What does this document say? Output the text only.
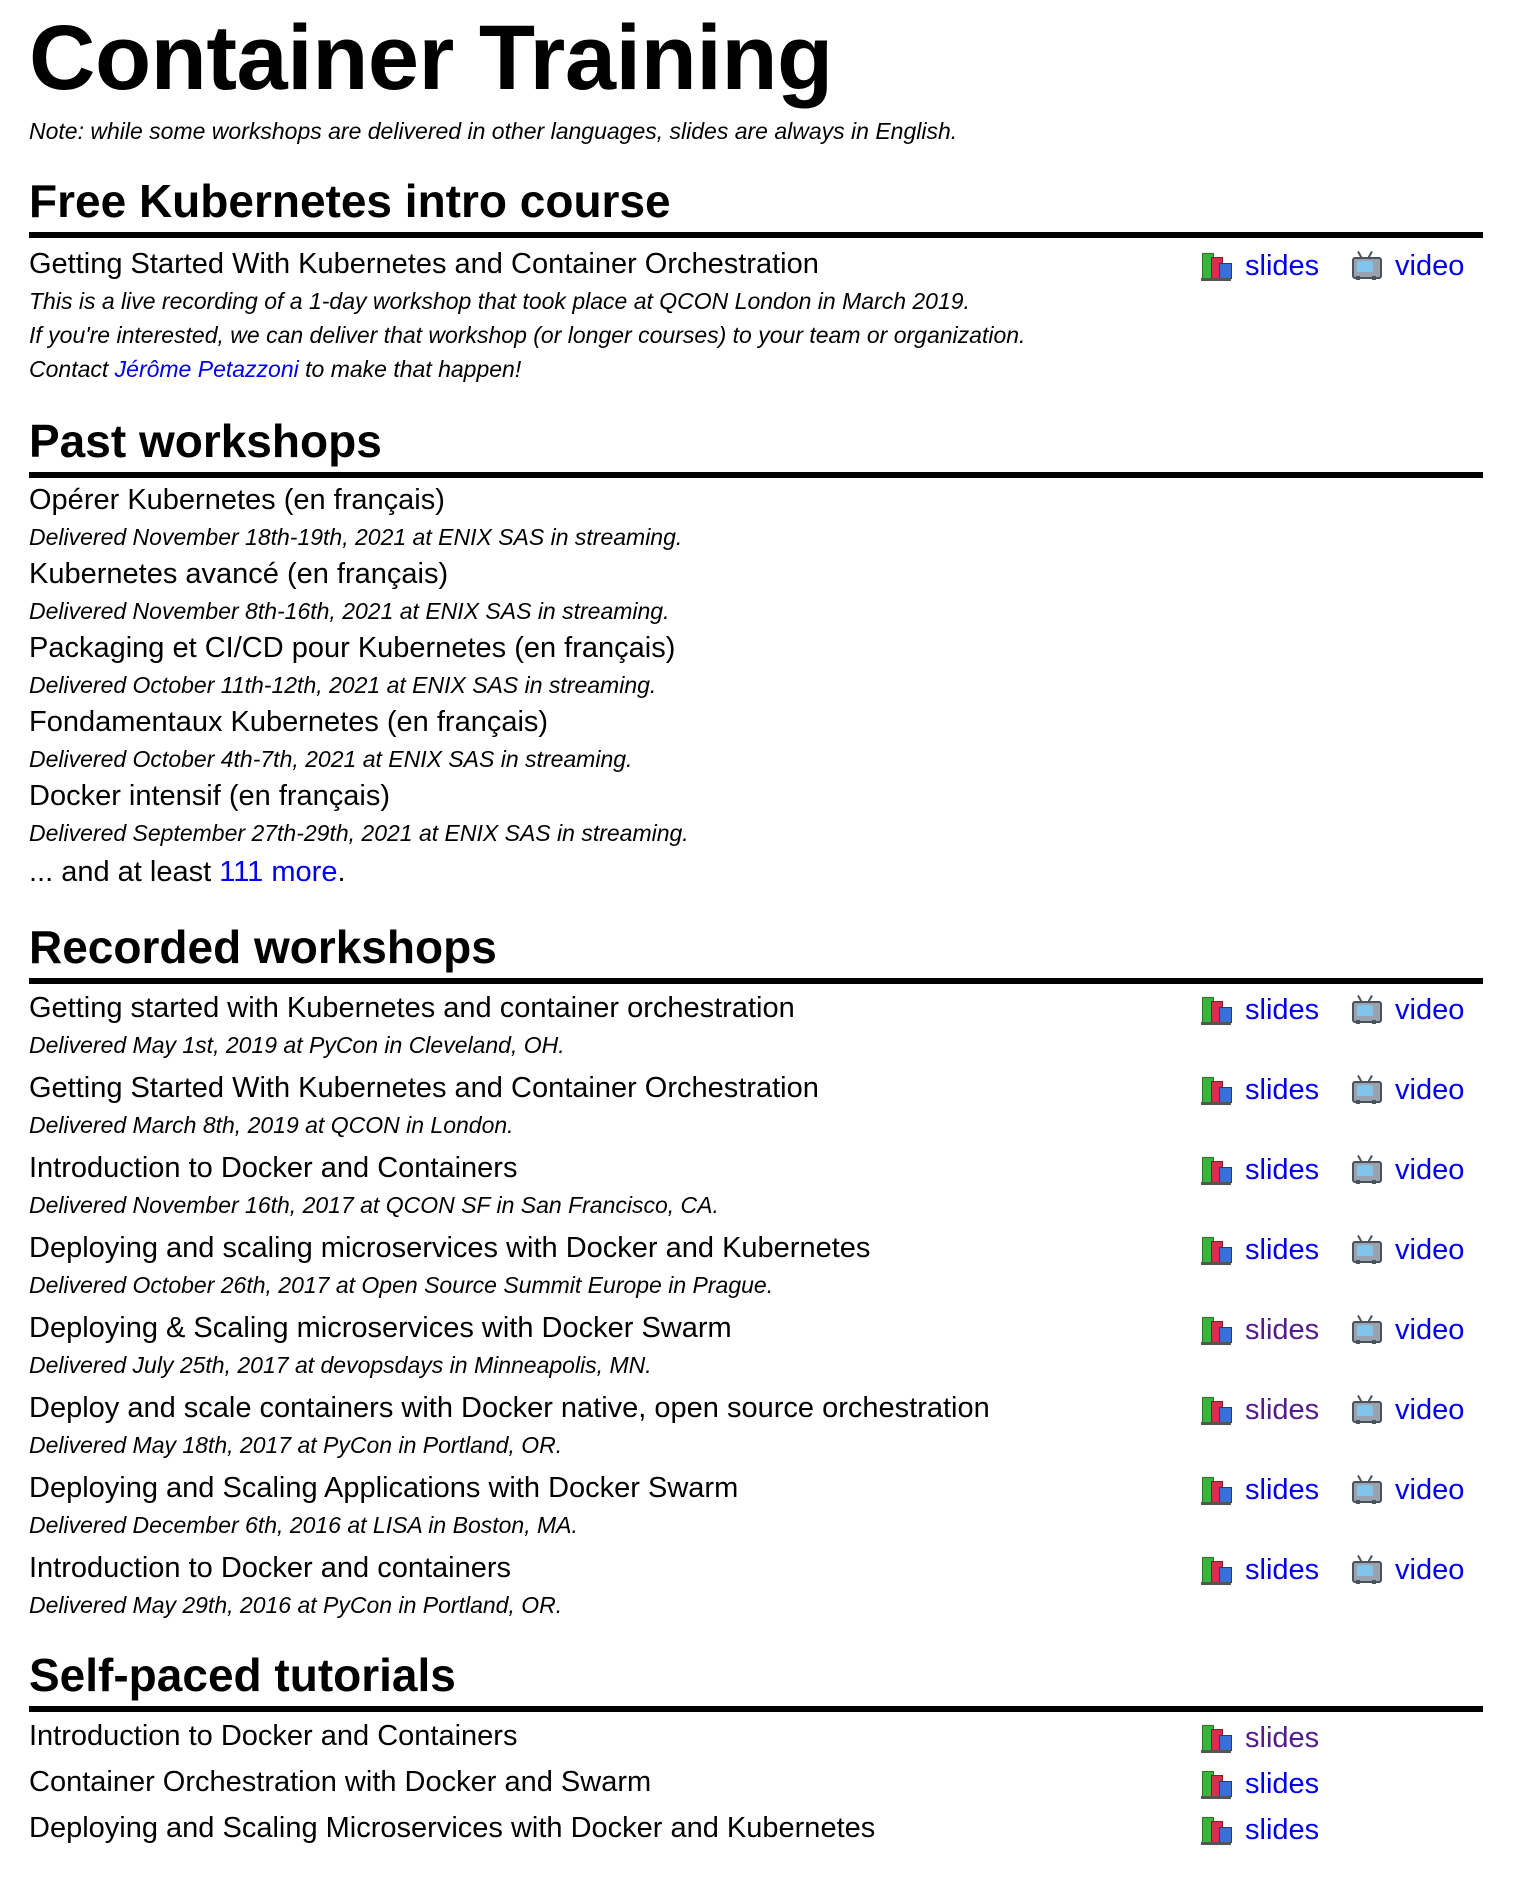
Container Training
Note: while some workshops are delivered in other languages, slides are always in English.
Free Kubernetes intro course
Getting Started With Kubernetes and Container Orchestration
This is a live recording of a 1-day workshop that took place at QCON London in March 2019.
If you're interested, we can deliver that workshop (or longer courses) to your team or organization.
Contact Jérôme Petazzoni to make that happen!
slides	video
Past workshops
Opérer Kubernetes (en français)
Delivered November 18th-19th, 2021 at ENIX SAS in streaming.
Kubernetes avancé (en français)
Delivered November 8th-16th, 2021 at ENIX SAS in streaming.
Packaging et CI/CD pour Kubernetes (en français)
Delivered October 11th-12th, 2021 at ENIX SAS in streaming.
Fondamentaux Kubernetes (en français)
Delivered October 4th-7th, 2021 at ENIX SAS in streaming.
Docker intensif (en français)
Delivered September 27th-29th, 2021 at ENIX SAS in streaming.
... and at least 111 more.
Recorded workshops
Getting started with Kubernetes and container orchestration
Delivered May 1st, 2019 at PyCon in Cleveland, OH.
slides	video
Getting Started With Kubernetes and Container Orchestration
Delivered March 8th, 2019 at QCON in London.
slides	video
Introduction to Docker and Containers
Delivered November 16th, 2017 at QCON SF in San Francisco, CA.
slides	video
Deploying and scaling microservices with Docker and Kubernetes
Delivered October 26th, 2017 at Open Source Summit Europe in Prague.
slides	video
Deploying & Scaling microservices with Docker Swarm
Delivered July 25th, 2017 at devopsdays in Minneapolis, MN.
slides	video
Deploy and scale containers with Docker native, open source orchestration
Delivered May 18th, 2017 at PyCon in Portland, OR.
slides	video
Deploying and Scaling Applications with Docker Swarm
Delivered December 6th, 2016 at LISA in Boston, MA.
slides	video
Introduction to Docker and containers
Delivered May 29th, 2016 at PyCon in Portland, OR.
slides	video
Self-paced tutorials
Introduction to Docker and Containers	slides
Container Orchestration with Docker and Swarm	slides
Deploying and Scaling Microservices with Docker and Kubernetes	slides
